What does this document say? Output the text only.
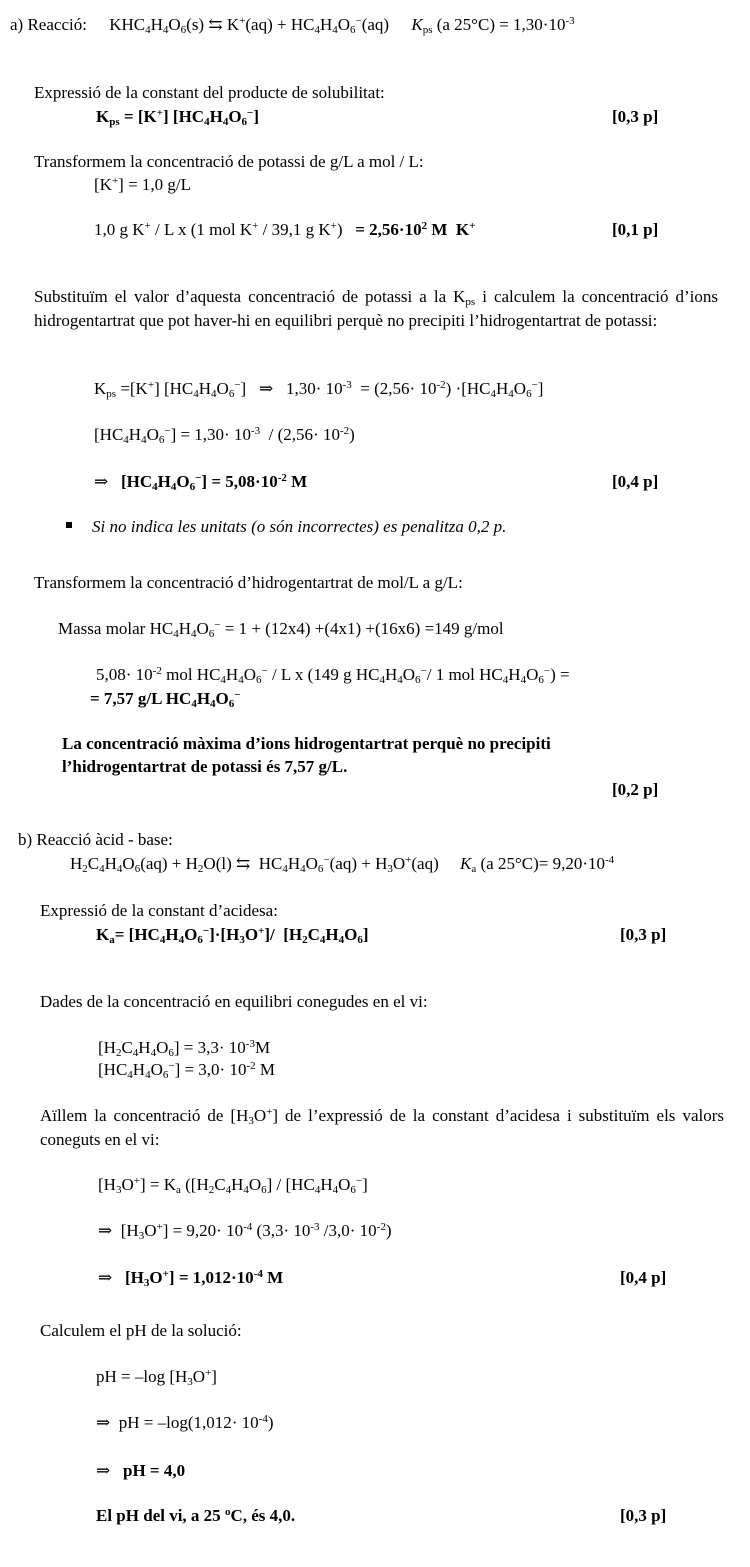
a) Reacció: $KHC_4H_4O_6(s)$ ⇆ $K^+(aq) + HC_4H_4O_6^-(aq)$ $K_{ps}$ (a $25^\circ C) = 1,30\cdot 10^{-3}$
Expressió de la constant del producte de solubilitat:
$K_{ps} = [K^+]$ $[HC_4H_4O_6^-]$	[0,3 p]
Transformem la concentració de potassi de g/L a mol / L:
[K+] = 1,0 g/L
1,0 g K+ / L x (1 mol K+ / 39,1 g $K^+) = 2,56\cdot 10^2$ M  K+	[0,1 p]
Substituïm el valor d’aquesta concentració de potassi a la $K_{ps}$ i calculem la concentració d’ions hidrogentartrat que pot haver-hi en equilibri perquè no precipiti l’hidrogentartrat de potassi:
$K_{ps} =[K^+]$ $[HC_4H_4O_6^-]$   ⇒   $1,30\cdot 10^{-3} = (2,56\cdot 10^{-2}) \cdot[HC_4H_4O_6^-]$
$[HC_4H_4O_6^-] = 1,30\cdot 10^{-3} / (2,56\cdot 10^{-2})$
⇒   $[HC_4H_4O_6^-] = 5,08\cdot 10^{-2}$ M	[0,4 p]
Si no indica les unitats (o són incorrectes) es penalitza 0,2 p.
Transformem la concentració d’hidrogentartrat de mol/L a g/L:
Massa molar $HC_4H_4O_6^- = 1 + (12x4) +(4x1) +(16x6) =149$ g/mol
$5,08\cdot 10^{-2}$ mol $HC_4H_4O_6^-$ / L x (149 g $HC_4H_4O_6^-/$ 1 mol $HC_4H_4O_6^-$) =
= 7,57 g/L $HC_4H_4O_6^-$
La concentració màxima d’ions hidrogentartrat perquè no precipiti
l’hidrogentartrat de potassi és 7,57 g/L.
[0,2 p]
b) Reacció àcid - base:
$H_2C_4H_4O_6(aq) + H_2O(l)$ ⇆  $HC_4H_4O_6^-(aq) + H_3O^+(aq)$     $K_a$ (a $25^\circ C)= 9,20\cdot 10^{-4}$
Expressió de la constant d’acidesa:
$K_a= [HC_4H_4O_6^-]\cdot[H_3O^+]/$  $[H_2C_4H_4O_6]$	[0,3 p]
Dades de la concentració en equilibri conegudes en el vi:
$[H_2C_4H_4O_6] = 3,3\cdot 10^{-3}M$
$[HC_4H_4O_6^-] = 3,0\cdot 10^{-2}$ M
Aïllem la concentració de $[H_3O^+]$ de l’expressió de la constant d’acidesa i substituïm els valors coneguts en el vi:
$[H_3O^+] = K_a$ ($[H_2C_4H_4O_6] / [HC_4H_4O_6^-]$
⇒  $[H_3O^+] = 9,20\cdot 10^{-4}$ ($3,3\cdot 10^{-3}$ $/3,0\cdot 10^{-2}$)
⇒   $[H_3O^+] = 1,012\cdot 10^{-4}$ M	[0,4 p]
Calculem el pH de la solució:
pH = –log $[H_3O^+]$
⇒  pH = $-\log(1,012\cdot 10^{-4})$
⇒ pH = 4,0
El pH del vi, a 25 $^o$C, és 4,0.	[0,3 p]
